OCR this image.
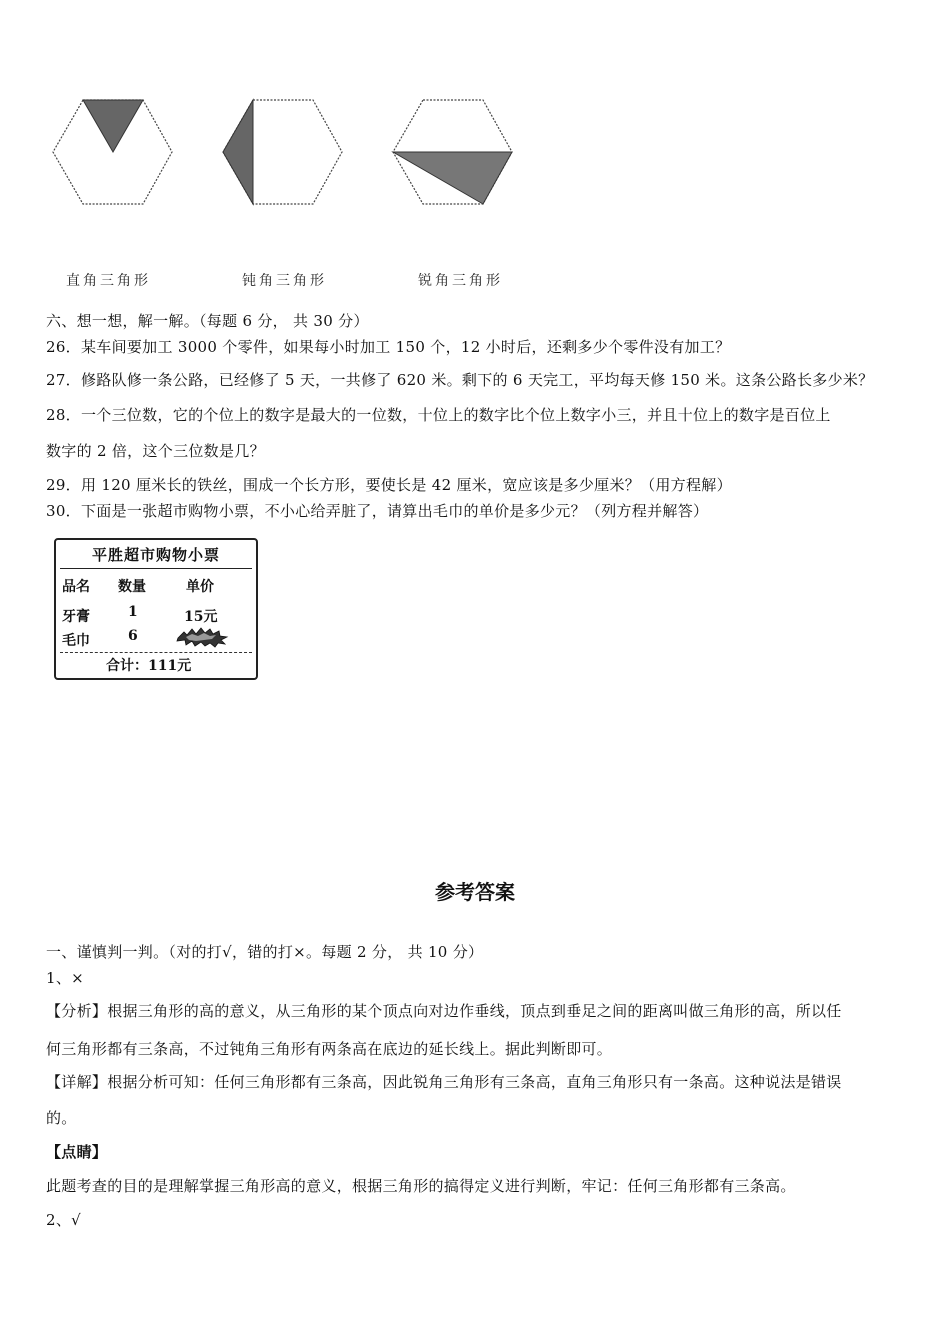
直角三角形	钝角三角形	锐角三角形
六、想一想，解一解。（每题 6 分， 共 30 分）
26．某车间要加工 3000 个零件，如果每小时加工 150 个，12 小时后，还剩多少个零件没有加工？
27．修路队修一条公路，已经修了 5 天，一共修了 620 米。剩下的 6 天完工，平均每天修 150 米。这条公路长多少米？
28．一个三位数，它的个位上的数字是最大的一位数，十位上的数字比个位上数字小三，并且十位上的数字是百位上
数字的 2 倍，这个三位数是几？
29．用 120 厘米长的铁丝，围成一个长方形，要使长是 42 厘米，宽应该是多少厘米？（用方程解）
30．下面是一张超市购物小票，不小心给弄脏了，请算出毛巾的单价是多少元？（列方程并解答）
平胜超市购物小票
品名 数量	单价
牙膏	1	15元
毛巾	6
合计：111元
参考答案
一、谨慎判一判。（对的打√，错的打×。每题 2 分， 共 10 分）
1、×
【分析】根据三角形的高的意义，从三角形的某个顶点向对边作垂线，顶点到垂足之间的距离叫做三角形的高，所以任
何三角形都有三条高，不过钝角三角形有两条高在底边的延长线上。据此判断即可。
【详解】根据分析可知：任何三角形都有三条高，因此锐角三角形有三条高，直角三角形只有一条高。这种说法是错误
的。
【点睛】
此题考查的目的是理解掌握三角形高的意义，根据三角形的搞得定义进行判断，牢记：任何三角形都有三条高。
2、√
